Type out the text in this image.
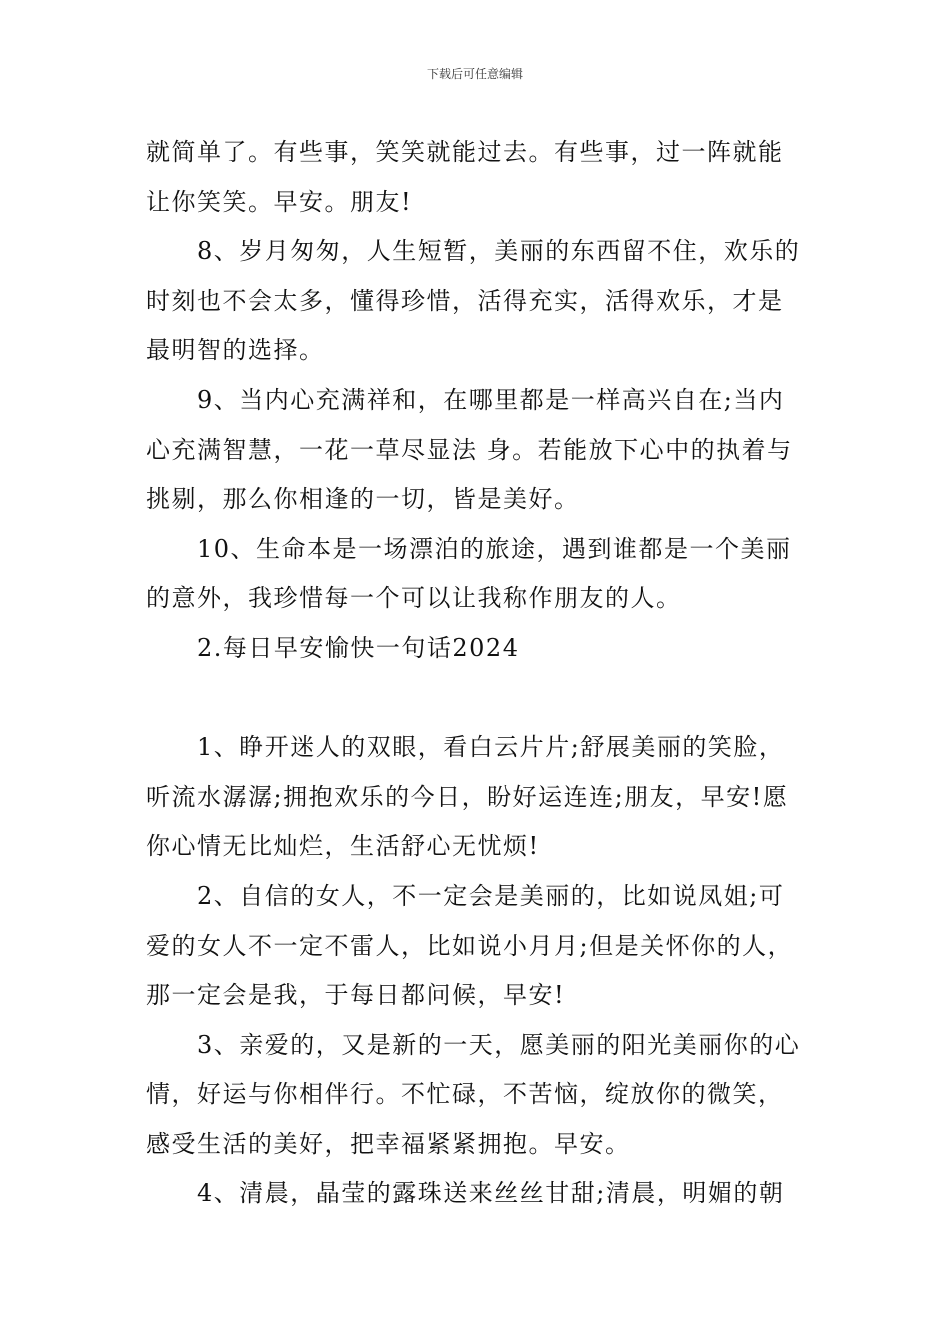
下载后可任意编辑
就简单了。有些事，笑笑就能过去。有些事，过一阵就能
让你笑笑。早安。朋友!
8、岁月匆匆，人生短暂，美丽的东西留不住，欢乐的
时刻也不会太多，懂得珍惜，活得充实，活得欢乐，才是
最明智的选择。
9、当内心充满祥和，在哪里都是一样高兴自在;当内
心充满智慧，一花一草尽显法 身。若能放下心中的执着与
挑剔，那么你相逢的一切，皆是美好。
10、生命本是一场漂泊的旅途，遇到谁都是一个美丽
的意外，我珍惜每一个可以让我称作朋友的人。
2.每日早安愉快一句话2024
1、睁开迷人的双眼，看白云片片;舒展美丽的笑脸，
听流水潺潺;拥抱欢乐的今日，盼好运连连;朋友，早安!愿
你心情无比灿烂，生活舒心无忧烦!
2、自信的女人，不一定会是美丽的，比如说凤姐;可
爱的女人不一定不雷人，比如说小月月;但是关怀你的人，
那一定会是我，于每日都问候，早安!
3、亲爱的，又是新的一天，愿美丽的阳光美丽你的心
情，好运与你相伴行。不忙碌，不苦恼，绽放你的微笑，
感受生活的美好，把幸福紧紧拥抱。早安。
4、清晨，晶莹的露珠送来丝丝甘甜;清晨，明媚的朝
